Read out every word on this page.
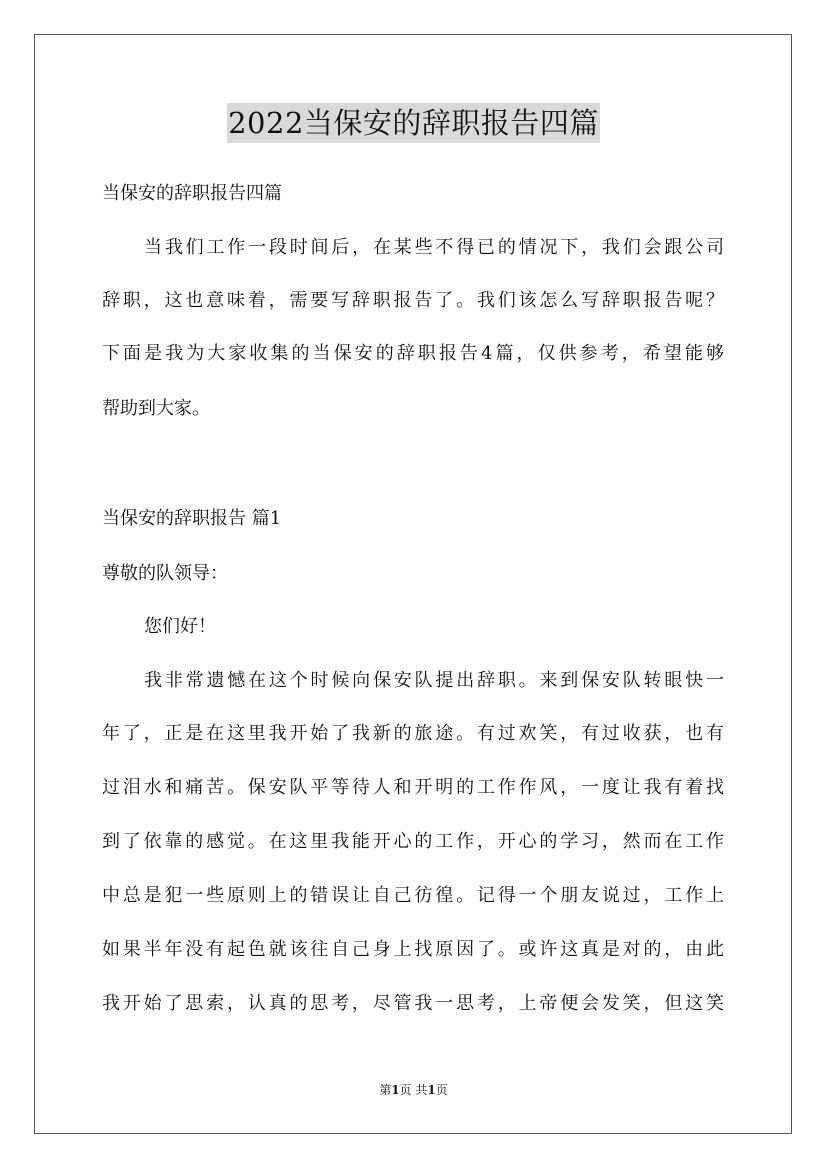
2022当保安的辞职报告四篇
当保安的辞职报告四篇
当我们工作一段时间后，在某些不得已的情况下，我们会跟公司
辞职，这也意味着，需要写辞职报告了。我们该怎么写辞职报告呢？
下面是我为大家收集的当保安的辞职报告4篇，仅供参考，希望能够
帮助到大家。
当保安的辞职报告 篇1
尊敬的队领导：
您们好！
我非常遗憾在这个时候向保安队提出辞职。来到保安队转眼快一
年了，正是在这里我开始了我新的旅途。有过欢笑，有过收获，也有
过泪水和痛苦。保安队平等待人和开明的工作作风，一度让我有着找
到了依靠的感觉。在这里我能开心的工作，开心的学习，然而在工作
中总是犯一些原则上的错误让自己彷徨。记得一个朋友说过，工作上
如果半年没有起色就该往自己身上找原因了。或许这真是对的，由此
我开始了思索，认真的思考，尽管我一思考，上帝便会发笑，但这笑
第1页 共1页
